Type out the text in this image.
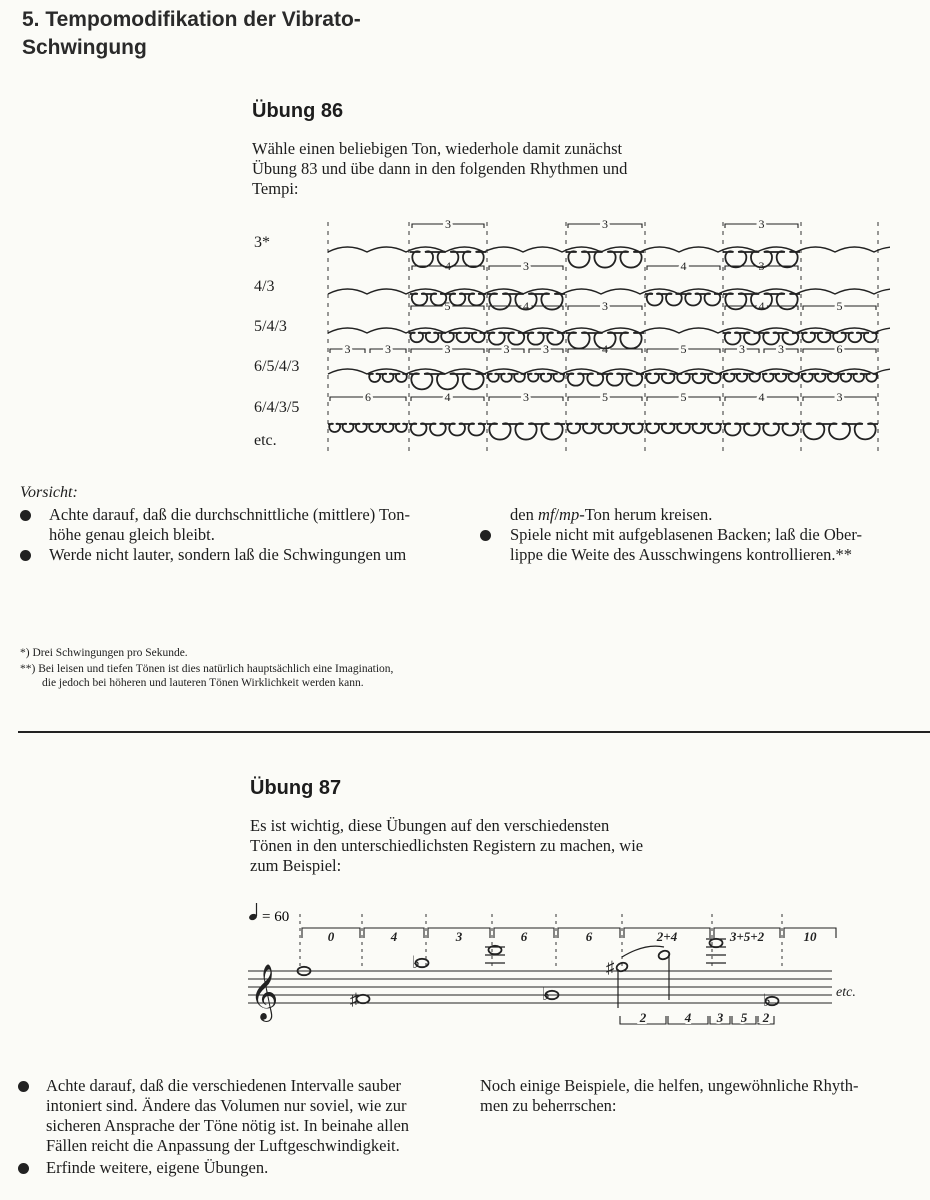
5. Tempomodifikation der Vibrato-
Schwingung
Übung 86
Wähle einen beliebigen Ton, wiederhole damit zunächst
Übung 83 und übe dann in den folgenden Rhythmen und
Tempi:
3*
4/3
5/4/3
6/5/4/3
6/4/3/5
etc.
3	3	3
4	3	4	3
5	4	3	4	5
3	3	3	4	5	3	3	6
6	4	3	5	5	4	3
3	3
Vorsicht:
Achte darauf, daß die durchschnittliche (mittlere) Ton-
höhe genau gleich bleibt.
Werde nicht lauter, sondern laß die Schwingungen um
den mf/mp-Ton herum kreisen.
Spiele nicht mit aufgeblasenen Backen; laß die Ober-
lippe die Weite des Ausschwingens kontrollieren.**
*) Drei Schwingungen pro Sekunde.
**) Bei leisen und tiefen Tönen ist dies natürlich hauptsächlich eine Imagination,
die jedoch bei höheren und lauteren Tönen Wirklichkeit werden kann.
Übung 87
Es ist wichtig, diese Übungen auf den verschiedensten
Tönen in den unterschiedlichsten Registern zu machen, wie
zum Beispiel:
= 60
0	4	3	6	6	2+4	3+5+2	10
𝄞	etc.
♯
♯
♭
♭	♭
2	4 3 5 2
Achte darauf, daß die verschiedenen Intervalle sauber
intoniert sind. Ändere das Volumen nur soviel, wie zur
sicheren Ansprache der Töne nötig ist. In beinahe allen
Fällen reicht die Anpassung der Luftgeschwindigkeit.
Erfinde weitere, eigene Übungen.
Noch einige Beispiele, die helfen, ungewöhnliche Rhyth-
men zu beherrschen:
